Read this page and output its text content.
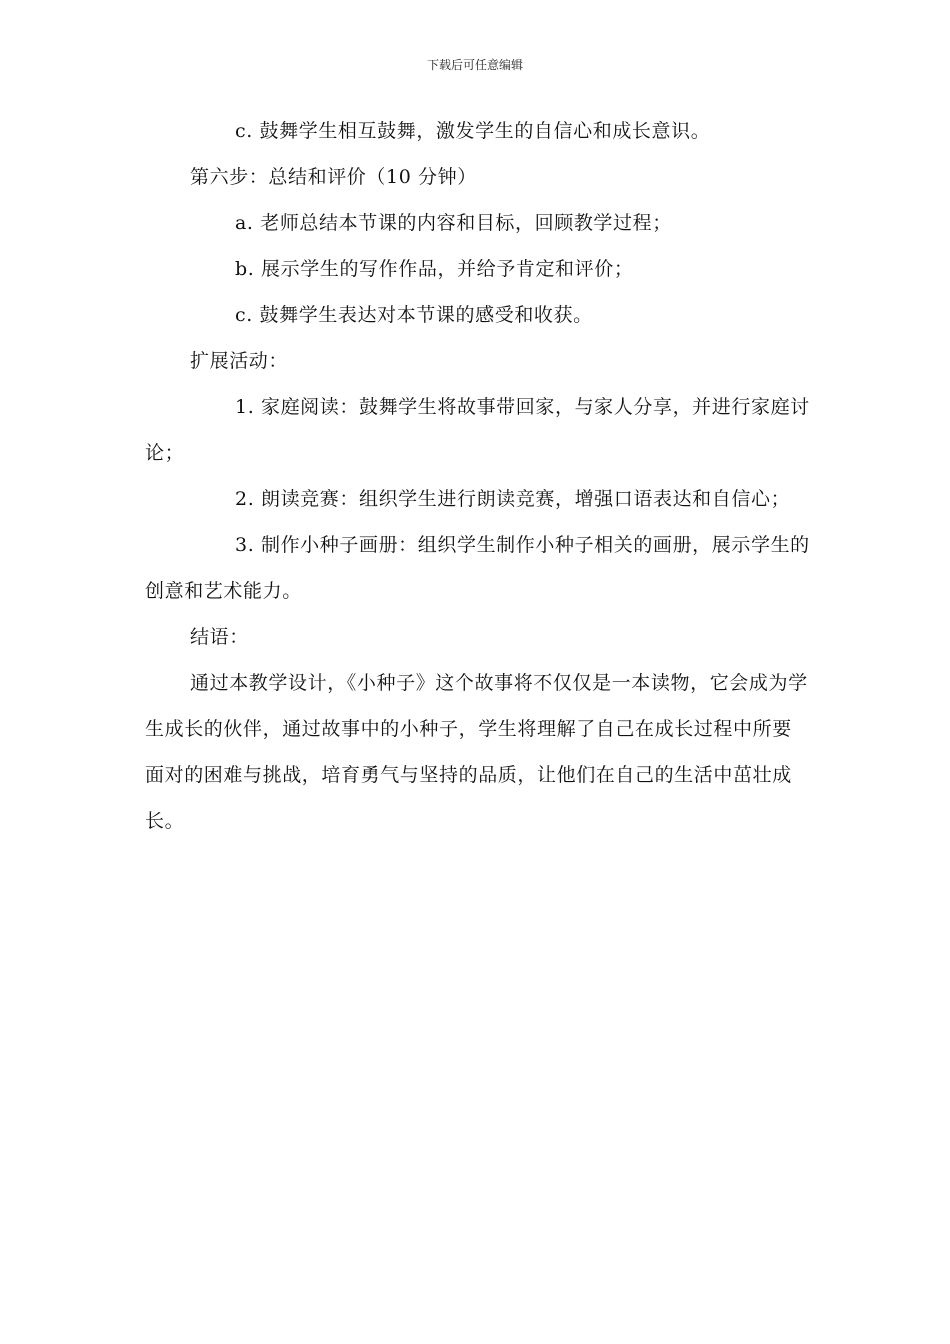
下载后可任意编辑

c. 鼓舞学生相互鼓舞，激发学生的自信心和成长意识。

第六步：总结和评价（10 分钟）

a. 老师总结本节课的内容和目标，回顾教学过程；

b. 展示学生的写作作品，并给予肯定和评价；

c. 鼓舞学生表达对本节课的感受和收获。

扩展活动：

1. 家庭阅读：鼓舞学生将故事带回家，与家人分享，并进行家庭讨论；

2. 朗读竞赛：组织学生进行朗读竞赛，增强口语表达和自信心；

3. 制作小种子画册：组织学生制作小种子相关的画册，展示学生的创意和艺术能力。

结语：

通过本教学设计，《小种子》这个故事将不仅仅是一本读物，它会成为学生成长的伙伴，通过故事中的小种子，学生将理解了自己在成长过程中所要面对的困难与挑战，培育勇气与坚持的品质，让他们在自己的生活中茁壮成长。
